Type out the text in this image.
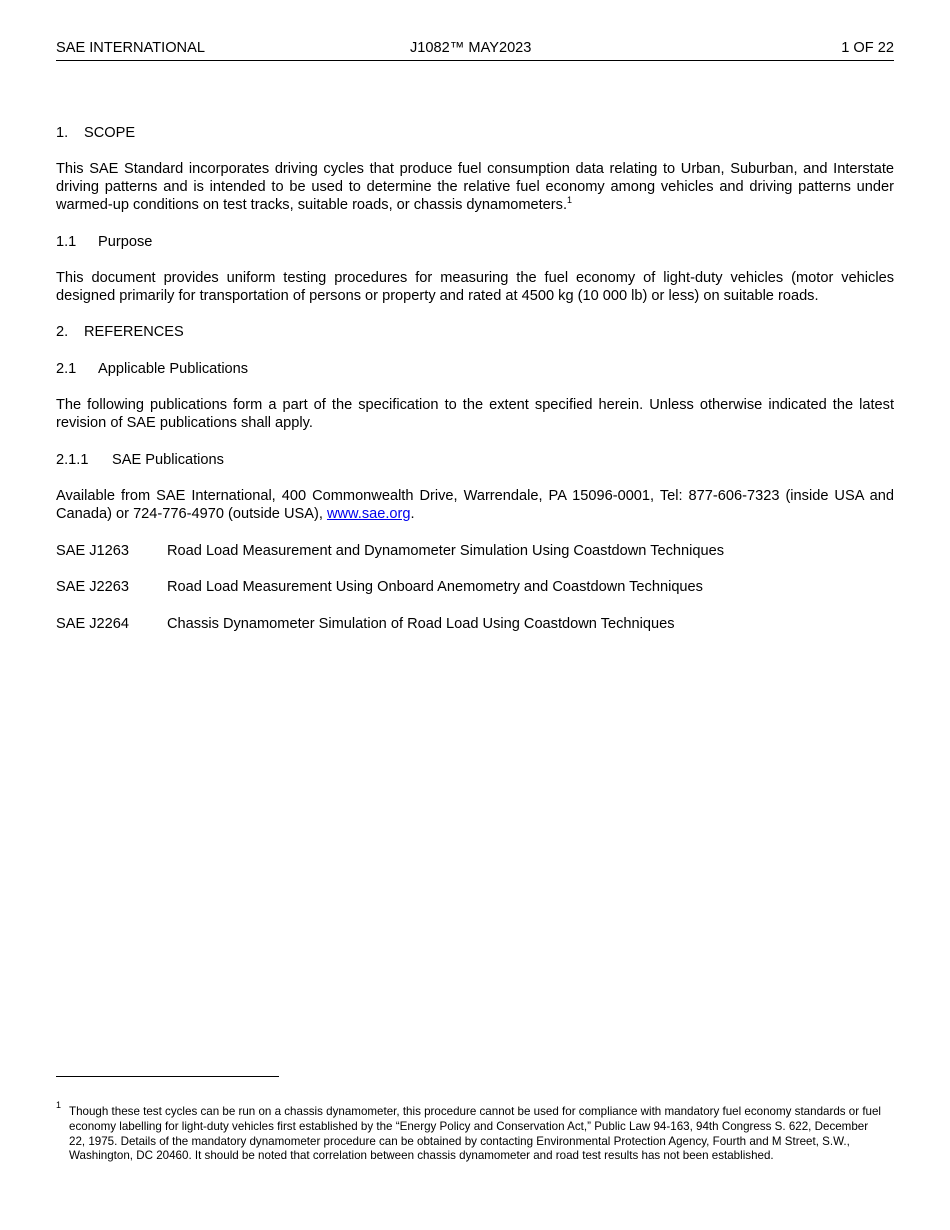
SAE INTERNATIONAL	J1082™ MAY2023	1 OF 22
1. SCOPE
This SAE Standard incorporates driving cycles that produce fuel consumption data relating to Urban, Suburban, and Interstate driving patterns and is intended to be used to determine the relative fuel economy among vehicles and driving patterns under warmed-up conditions on test tracks, suitable roads, or chassis dynamometers.$^1$
1.1 Purpose
This document provides uniform testing procedures for measuring the fuel economy of light-duty vehicles (motor vehicles designed primarily for transportation of persons or property and rated at 4500 kg (10 000 lb) or less) on suitable roads.
2. REFERENCES
2.1 Applicable Publications
The following publications form a part of the specification to the extent specified herein. Unless otherwise indicated the latest revision of SAE publications shall apply.
2.1.1 SAE Publications
Available from SAE International, 400 Commonwealth Drive, Warrendale, PA 15096-0001, Tel: 877-606-7323 (inside USA and Canada) or 724-776-4970 (outside USA), www.sae.org.
SAE J1263	Road Load Measurement and Dynamometer Simulation Using Coastdown Techniques
SAE J2263	Road Load Measurement Using Onboard Anemometry and Coastdown Techniques
SAE J2264	Chassis Dynamometer Simulation of Road Load Using Coastdown Techniques
1 Though these test cycles can be run on a chassis dynamometer, this procedure cannot be used for compliance with mandatory fuel economy standards or fuel economy labelling for light-duty vehicles first established by the “Energy Policy and Conservation Act,” Public Law 94-163, 94th Congress S. 622, December 22, 1975. Details of the mandatory dynamometer procedure can be obtained by contacting Environmental Protection Agency, Fourth and M Street, S.W., Washington, DC 20460. It should be noted that correlation between chassis dynamometer and road test results has not been established.
